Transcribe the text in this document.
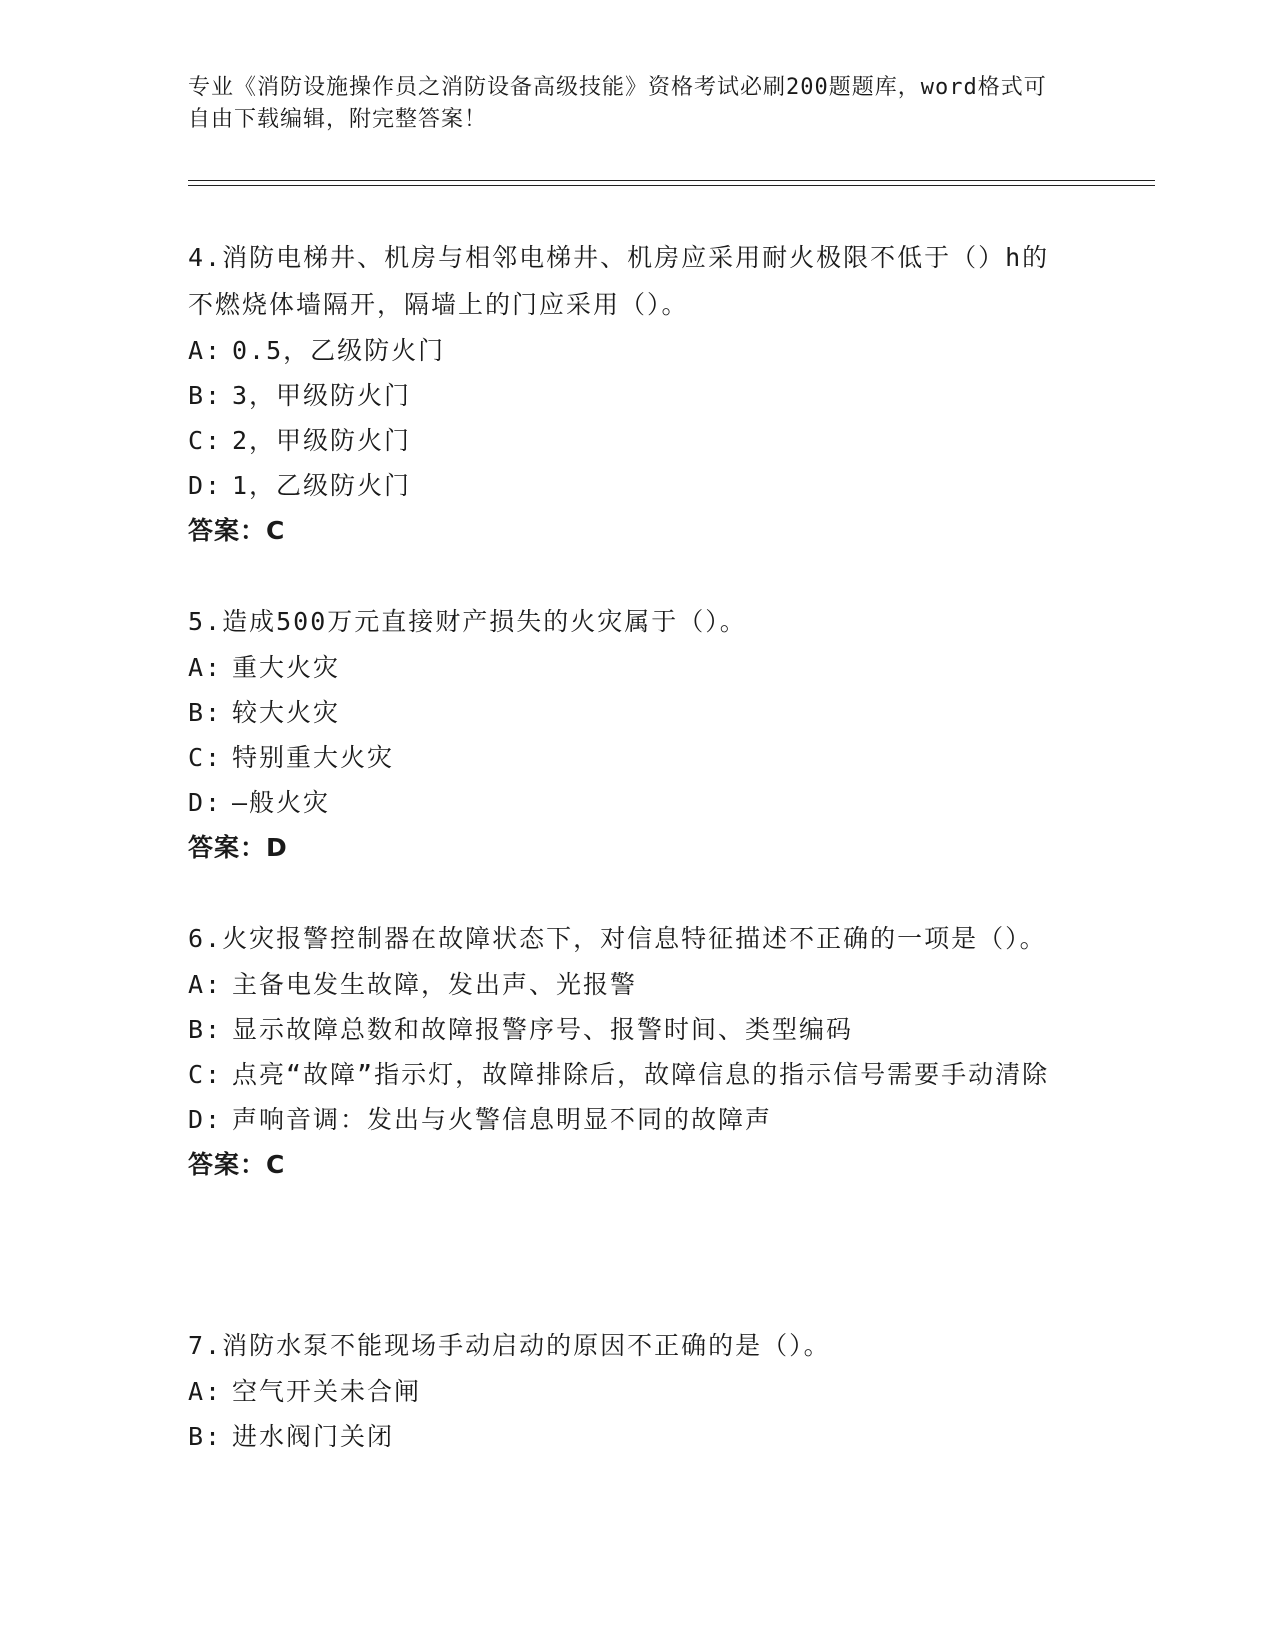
专业《消防设施操作员之消防设备高级技能》资格考试必刷200题题库，word格式可自由下载编辑，附完整答案！

4.消防电梯井、机房与相邻电梯井、机房应采用耐火极限不低于（）h的不燃烧体墙隔开，隔墙上的门应采用（）。

A: 0.5，乙级防火门

B: 3，甲级防火门

C: 2，甲级防火门

D: 1，乙级防火门

答案：C

5.造成500万元直接财产损失的火灾属于（）。

A: 重大火灾

B: 较大火灾

C: 特别重大火灾

D: —般火灾

答案：D

6.火灾报警控制器在故障状态下，对信息特征描述不正确的一项是（）。

A: 主备电发生故障，发出声、光报警

B: 显示故障总数和故障报警序号、报警时间、类型编码

C: 点亮“故障”指示灯，故障排除后，故障信息的指示信号需要手动清除

D: 声响音调：发出与火警信息明显不同的故障声

答案：C

7.消防水泵不能现场手动启动的原因不正确的是（）。

A: 空气开关未合闸

B: 进水阀门关闭
